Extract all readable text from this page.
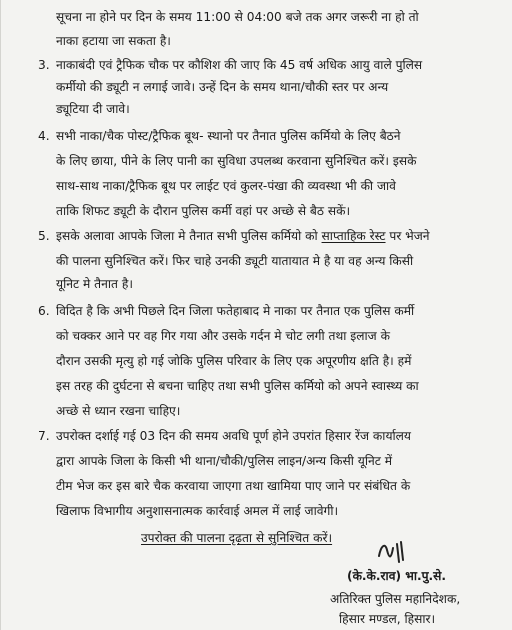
सूचना ना होने पर दिन के समय 11:00 से 04:00 बजे तक अगर जरूरी ना हो तो
नाका हटाया जा सकता है।
3. नाकाबंदी एवं ट्रैफिक चौक पर कौशिश की जाए कि 45 वर्ष अधिक आयु वाले पुलिस
कर्मीयो की ड्यूटी न लगाई जावे। उन्हें दिन के समय थाना/चौकी स्तर पर अन्य
ड्यूटिया दी जावे।
4. सभी नाका/चैक पोस्ट/ट्रैफिक बूथ- स्थानो पर तैनात पुलिस कर्मियो के लिए बैठने
के लिए छाया, पीने के लिए पानी का सुविधा उपलब्ध करवाना सुनिश्चित करें। इसके
साथ-साथ नाका/ट्रैफिक बूथ पर लाईट एवं कुलर-पंखा की व्यवस्था भी की जावे
ताकि शिफट ड्यूटी के दौरान पुलिस कर्मी वहां पर अच्छे से बैठ सकें।
5. इसके अलावा आपके जिला मे तैनात सभी पुलिस कर्मियो को साप्ताहिक रेस्ट पर भेजने
की पालना सुनिश्चित करें। फिर चाहे उनकी ड्यूटी यातायात मे है या वह अन्य किसी
यूनिट मे तैनात है।
6. विदित है कि अभी पिछले दिन जिला फतेहाबाद मे नाका पर तैनात एक पुलिस कर्मी
को चक्कर आने पर वह गिर गया और उसके गर्दन मे चोट लगी तथा इलाज के
दौरान उसकी मृत्यु हो गई जोकि पुलिस परिवार के लिए एक अपूरणीय क्षति है। हमें
इस तरह की दुर्घटना से बचना चाहिए तथा सभी पुलिस कर्मियो को अपने स्वास्थ्य का
अच्छे से ध्यान रखना चाहिए।
7. उपरोक्त दर्शाई गई 03 दिन की समय अवधि पूर्ण होने उपरांत हिसार रेंज कार्यालय
द्वारा आपके जिला के किसी भी थाना/चौकी/पुलिस लाइन/अन्य किसी यूनिट में
टीम भेज कर इस बारे चैक करवाया जाएगा तथा खामिया पाए जाने पर संबंधित के
खिलाफ विभागीय अनुशासनात्मक कार्रवाई अमल में लाई जावेगी।
उपरोक्त की पालना दृढ़ता से सुनिश्चित करें।
(के.के.राव) भा.पु.से.
अतिरिक्त पुलिस महानिदेशक,
हिसार मण्डल, हिसार।
